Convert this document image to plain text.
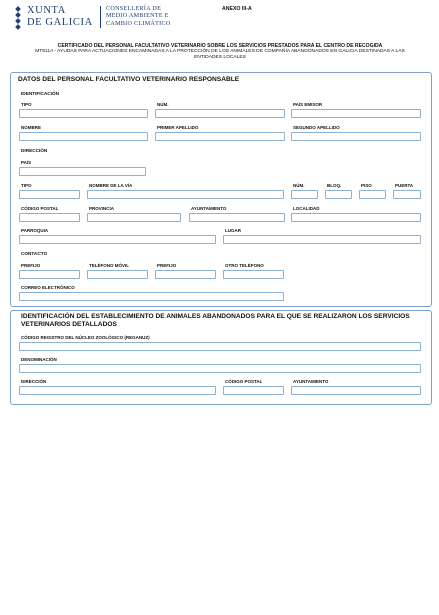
XUNTA
DE GALICIA
CONSELLERÍA DE
MEDIO AMBIENTE E
CAMBIO CLIMÁTICO
ANEXO III-A
CERTIFICADO DEL PERSONAL FACULTATIVO VETERINARIO SOBRE LOS SERVICIOS PRESTADOS PARA EL CENTRO DE RECOGIDA
MT811A - AYUDAS PARA ACTUACIONES ENCAMINADAS A LA PROTECCIÓN DE LOS ANIMALES DE COMPAÑÍA ABANDONADOS EN GALICIA DESTINADAS A LAS
ENTIDADES LOCALES
DATOS DEL PERSONAL FACULTATIVO VETERINARIO RESPONSABLE
IDENTIFICACIÓN
TIPO	NÚM.	PAÍS EMISOR
NOMBRE	PRIMER APELLIDO	SEGUNDO APELLIDO
DIRECCIÓN
PAÍS
TIPO	NOMBRE DE LA VÍA	NÚM.	BLOQ.	PISO	PUERTA
CÓDIGO POSTAL	PROVINCIA	AYUNTAMIENTO	LOCALIDAD
PARROQUIA	LUGAR
CONTACTO
PREFIJO	TELÉFONO MÓVIL	PREFIJO	OTRO TELÉFONO
CORREO ELECTRÓNICO
IDENTIFICACIÓN DEL ESTABLECIMIENTO DE ANIMALES ABANDONADOS PARA EL QUE SE REALIZARON LOS SERVICIOS
VETERINARIOS DETALLADOS
CÓDIGO REGISTRO DEL NÚCLEO ZOOLÓGICO (REGANUZ)
DENOMINACIÓN
DIRECCIÓN	CÓDIGO POSTAL	AYUNTAMIENTO
